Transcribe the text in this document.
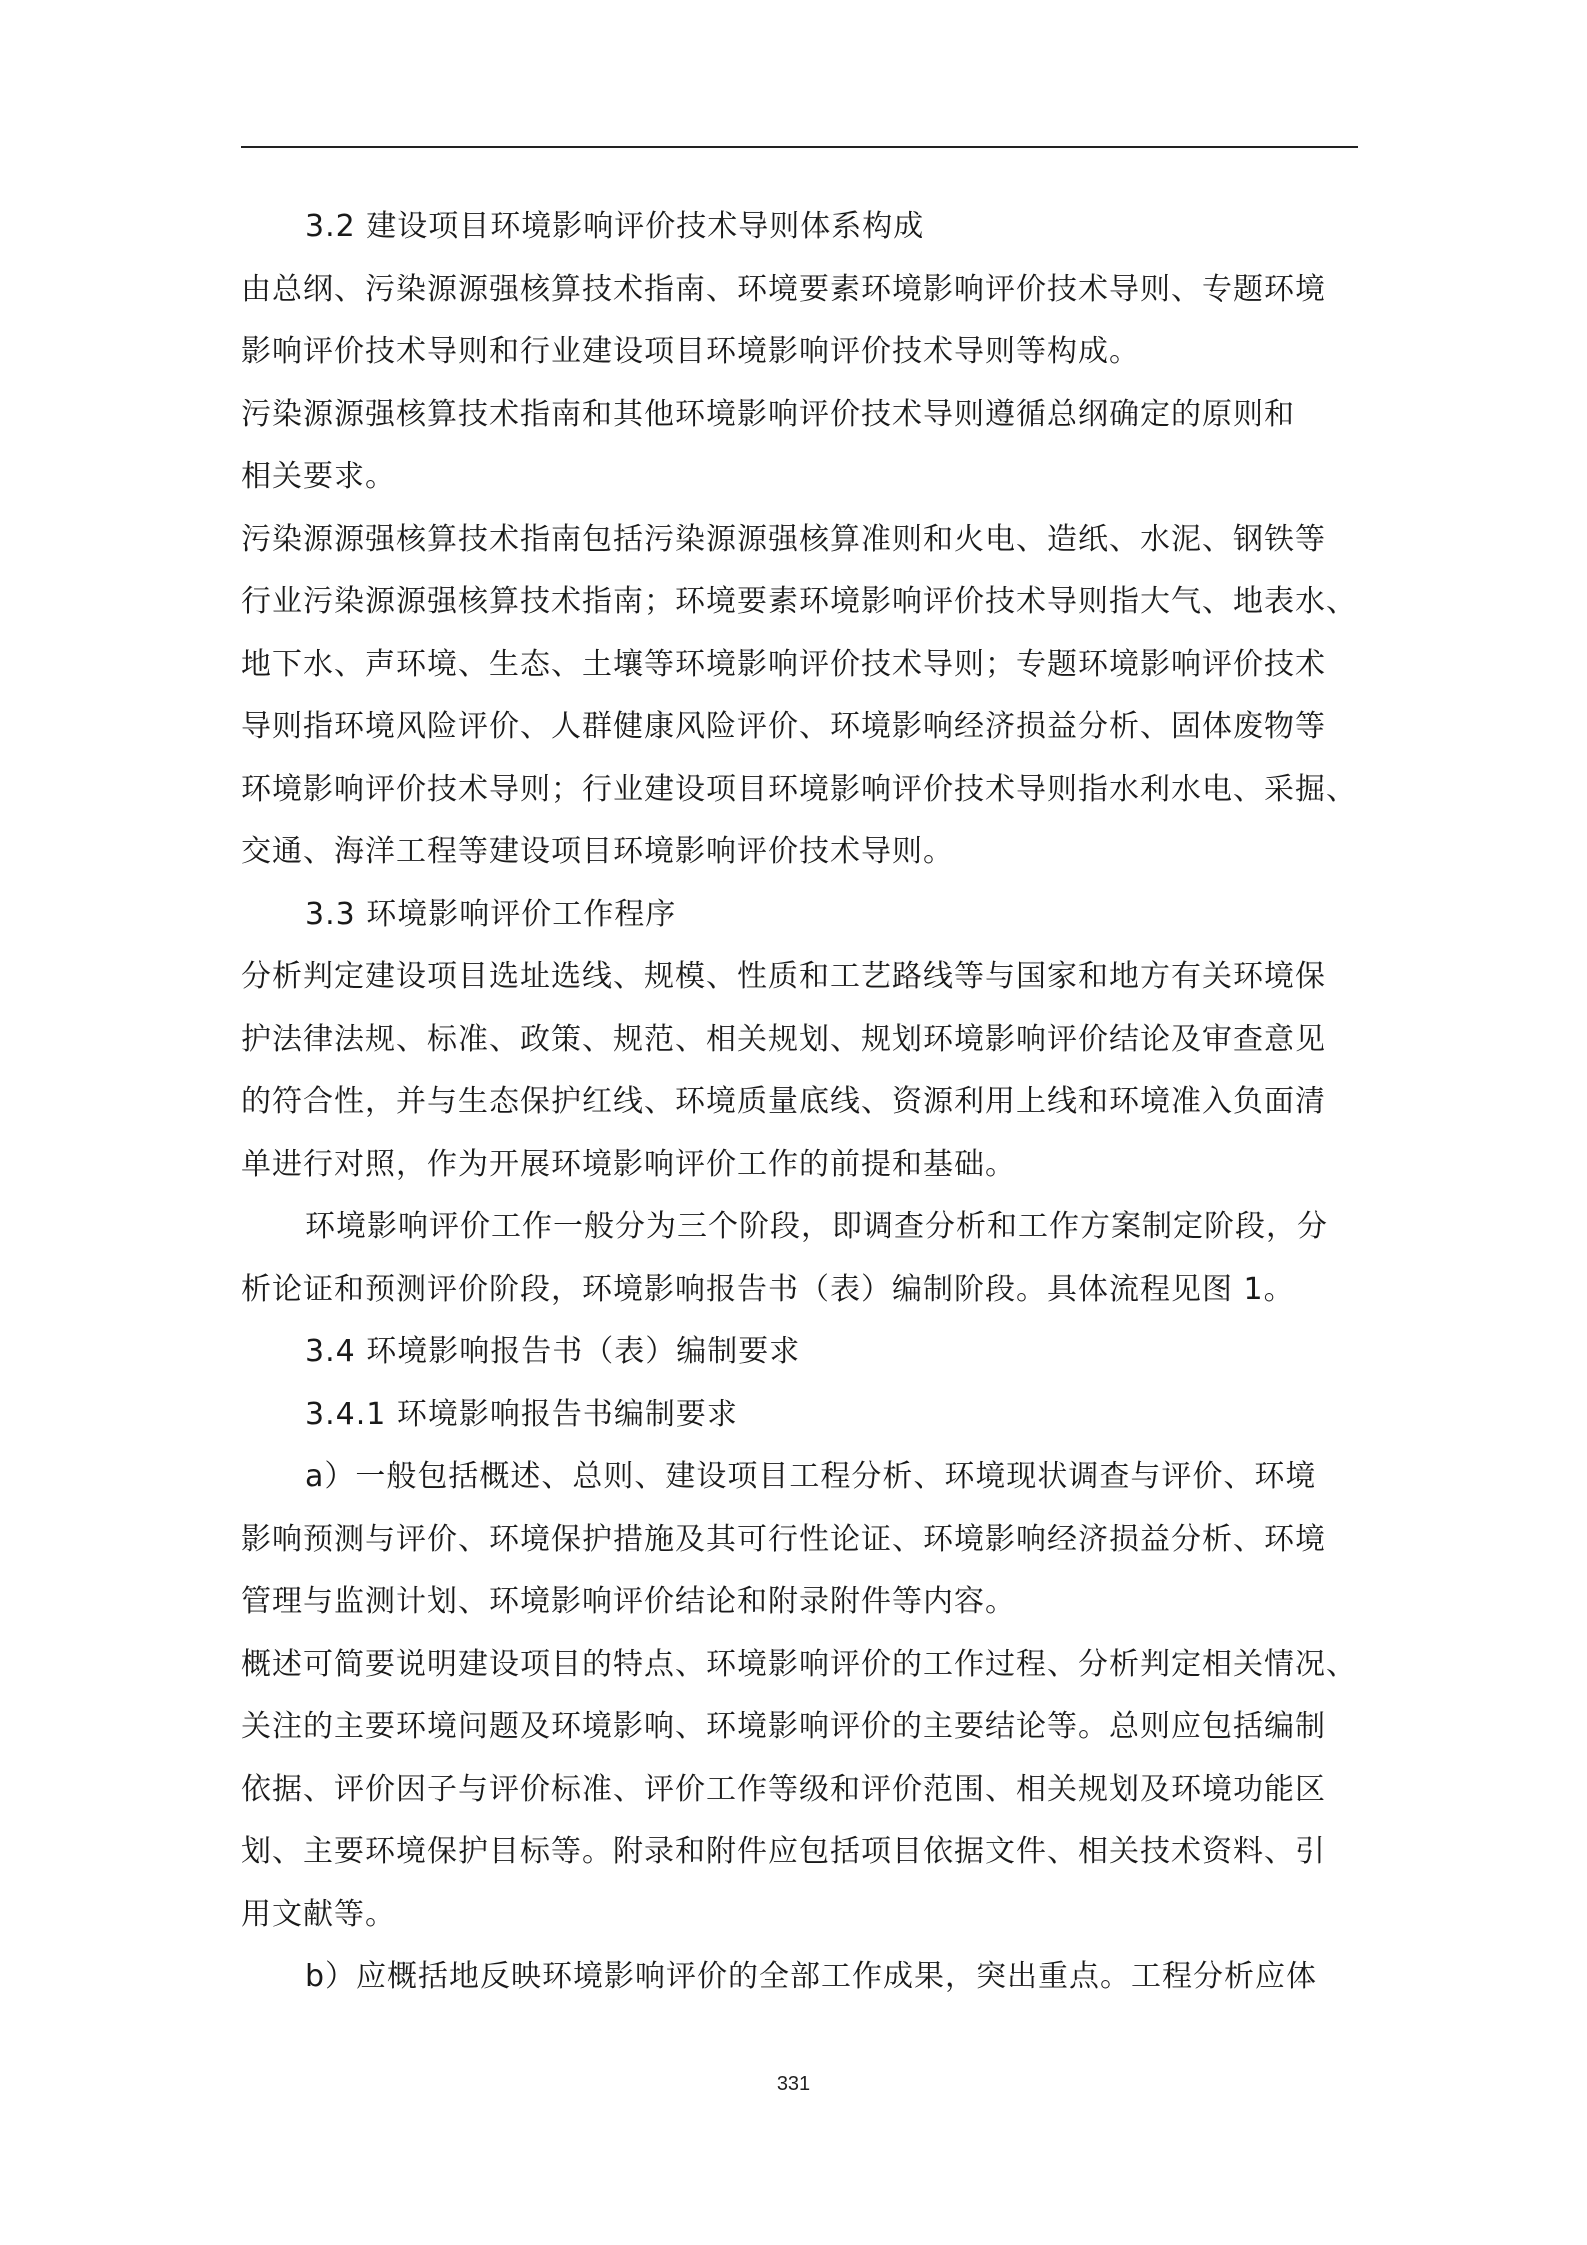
3.2 建设项目环境影响评价技术导则体系构成
由总纲、污染源源强核算技术指南、环境要素环境影响评价技术导则、专题环境
影响评价技术导则和行业建设项目环境影响评价技术导则等构成。
污染源源强核算技术指南和其他环境影响评价技术导则遵循总纲确定的原则和
相关要求。
污染源源强核算技术指南包括污染源源强核算准则和火电、造纸、水泥、钢铁等
行业污染源源强核算技术指南；环境要素环境影响评价技术导则指大气、地表水、
地下水、声环境、生态、土壤等环境影响评价技术导则；专题环境影响评价技术
导则指环境风险评价、人群健康风险评价、环境影响经济损益分析、固体废物等
环境影响评价技术导则；行业建设项目环境影响评价技术导则指水利水电、采掘、
交通、海洋工程等建设项目环境影响评价技术导则。
3.3 环境影响评价工作程序
分析判定建设项目选址选线、规模、性质和工艺路线等与国家和地方有关环境保
护法律法规、标准、政策、规范、相关规划、规划环境影响评价结论及审查意见
的符合性，并与生态保护红线、环境质量底线、资源利用上线和环境准入负面清
单进行对照，作为开展环境影响评价工作的前提和基础。
环境影响评价工作一般分为三个阶段，即调查分析和工作方案制定阶段，分
析论证和预测评价阶段，环境影响报告书（表）编制阶段。具体流程见图 1。
3.4 环境影响报告书（表）编制要求
3.4.1 环境影响报告书编制要求
a）一般包括概述、总则、建设项目工程分析、环境现状调查与评价、环境
影响预测与评价、环境保护措施及其可行性论证、环境影响经济损益分析、环境
管理与监测计划、环境影响评价结论和附录附件等内容。
概述可简要说明建设项目的特点、环境影响评价的工作过程、分析判定相关情况、
关注的主要环境问题及环境影响、环境影响评价的主要结论等。总则应包括编制
依据、评价因子与评价标准、评价工作等级和评价范围、相关规划及环境功能区
划、主要环境保护目标等。附录和附件应包括项目依据文件、相关技术资料、引
用文献等。
b）应概括地反映环境影响评价的全部工作成果，突出重点。工程分析应体
331
